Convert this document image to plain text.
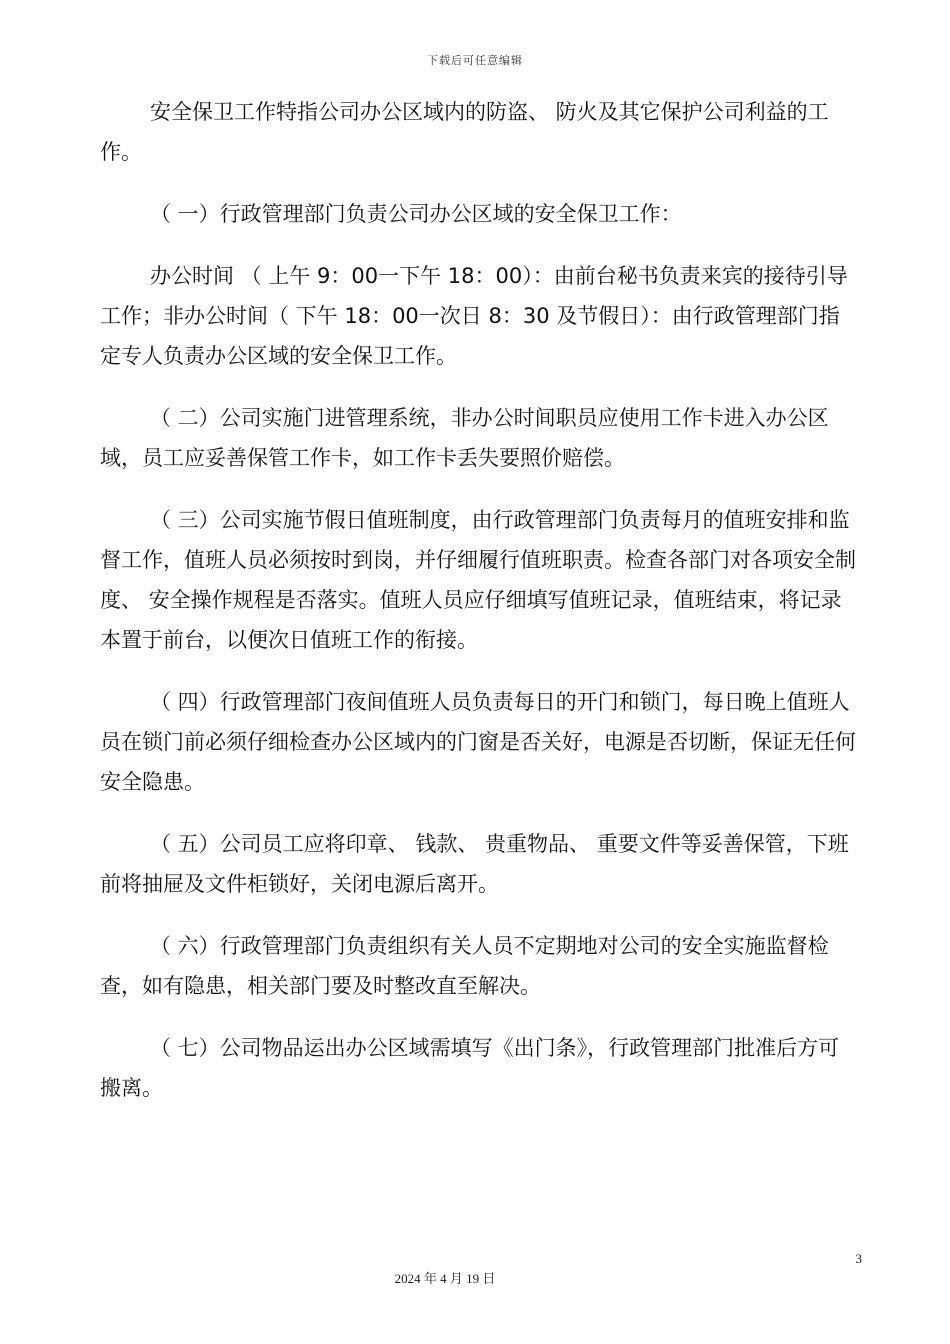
下载后可任意编辑

安全保卫工作特指公司办公区域内的防盗、 防火及其它保护公司利益的工作。

（ 一）行政管理部门负责公司办公区域的安全保卫工作：

办公时间 （ 上午 9：00一下午 18：00）：由前台秘书负责来宾的接待引导工作；非办公时间（ 下午 18：00一次日 8：30 及节假日）：由行政管理部门指定专人负责办公区域的安全保卫工作。

（ 二）公司实施门进管理系统，非办公时间职员应使用工作卡进入办公区域，员工应妥善保管工作卡，如工作卡丢失要照价赔偿。

（ 三）公司实施节假日值班制度，由行政管理部门负责每月的值班安排和监督工作，值班人员必须按时到岗，并仔细履行值班职责。检查各部门对各项安全制度、 安全操作规程是否落实。值班人员应仔细填写值班记录，值班结束，将记录本置于前台，以便次日值班工作的衔接。

（ 四）行政管理部门夜间值班人员负责每日的开门和锁门，每日晚上值班人员在锁门前必须仔细检查办公区域内的门窗是否关好，电源是否切断，保证无任何安全隐患。

（ 五）公司员工应将印章、 钱款、 贵重物品、 重要文件等妥善保管，下班前将抽屉及文件柜锁好，关闭电源后离开。

（ 六）行政管理部门负责组织有关人员不定期地对公司的安全实施监督检查，如有隐患，相关部门要及时整改直至解决。

（ 七）公司物品运出办公区域需填写《出门条》，行政管理部门批准后方可搬离。

3
2024 年 4 月 19 日
